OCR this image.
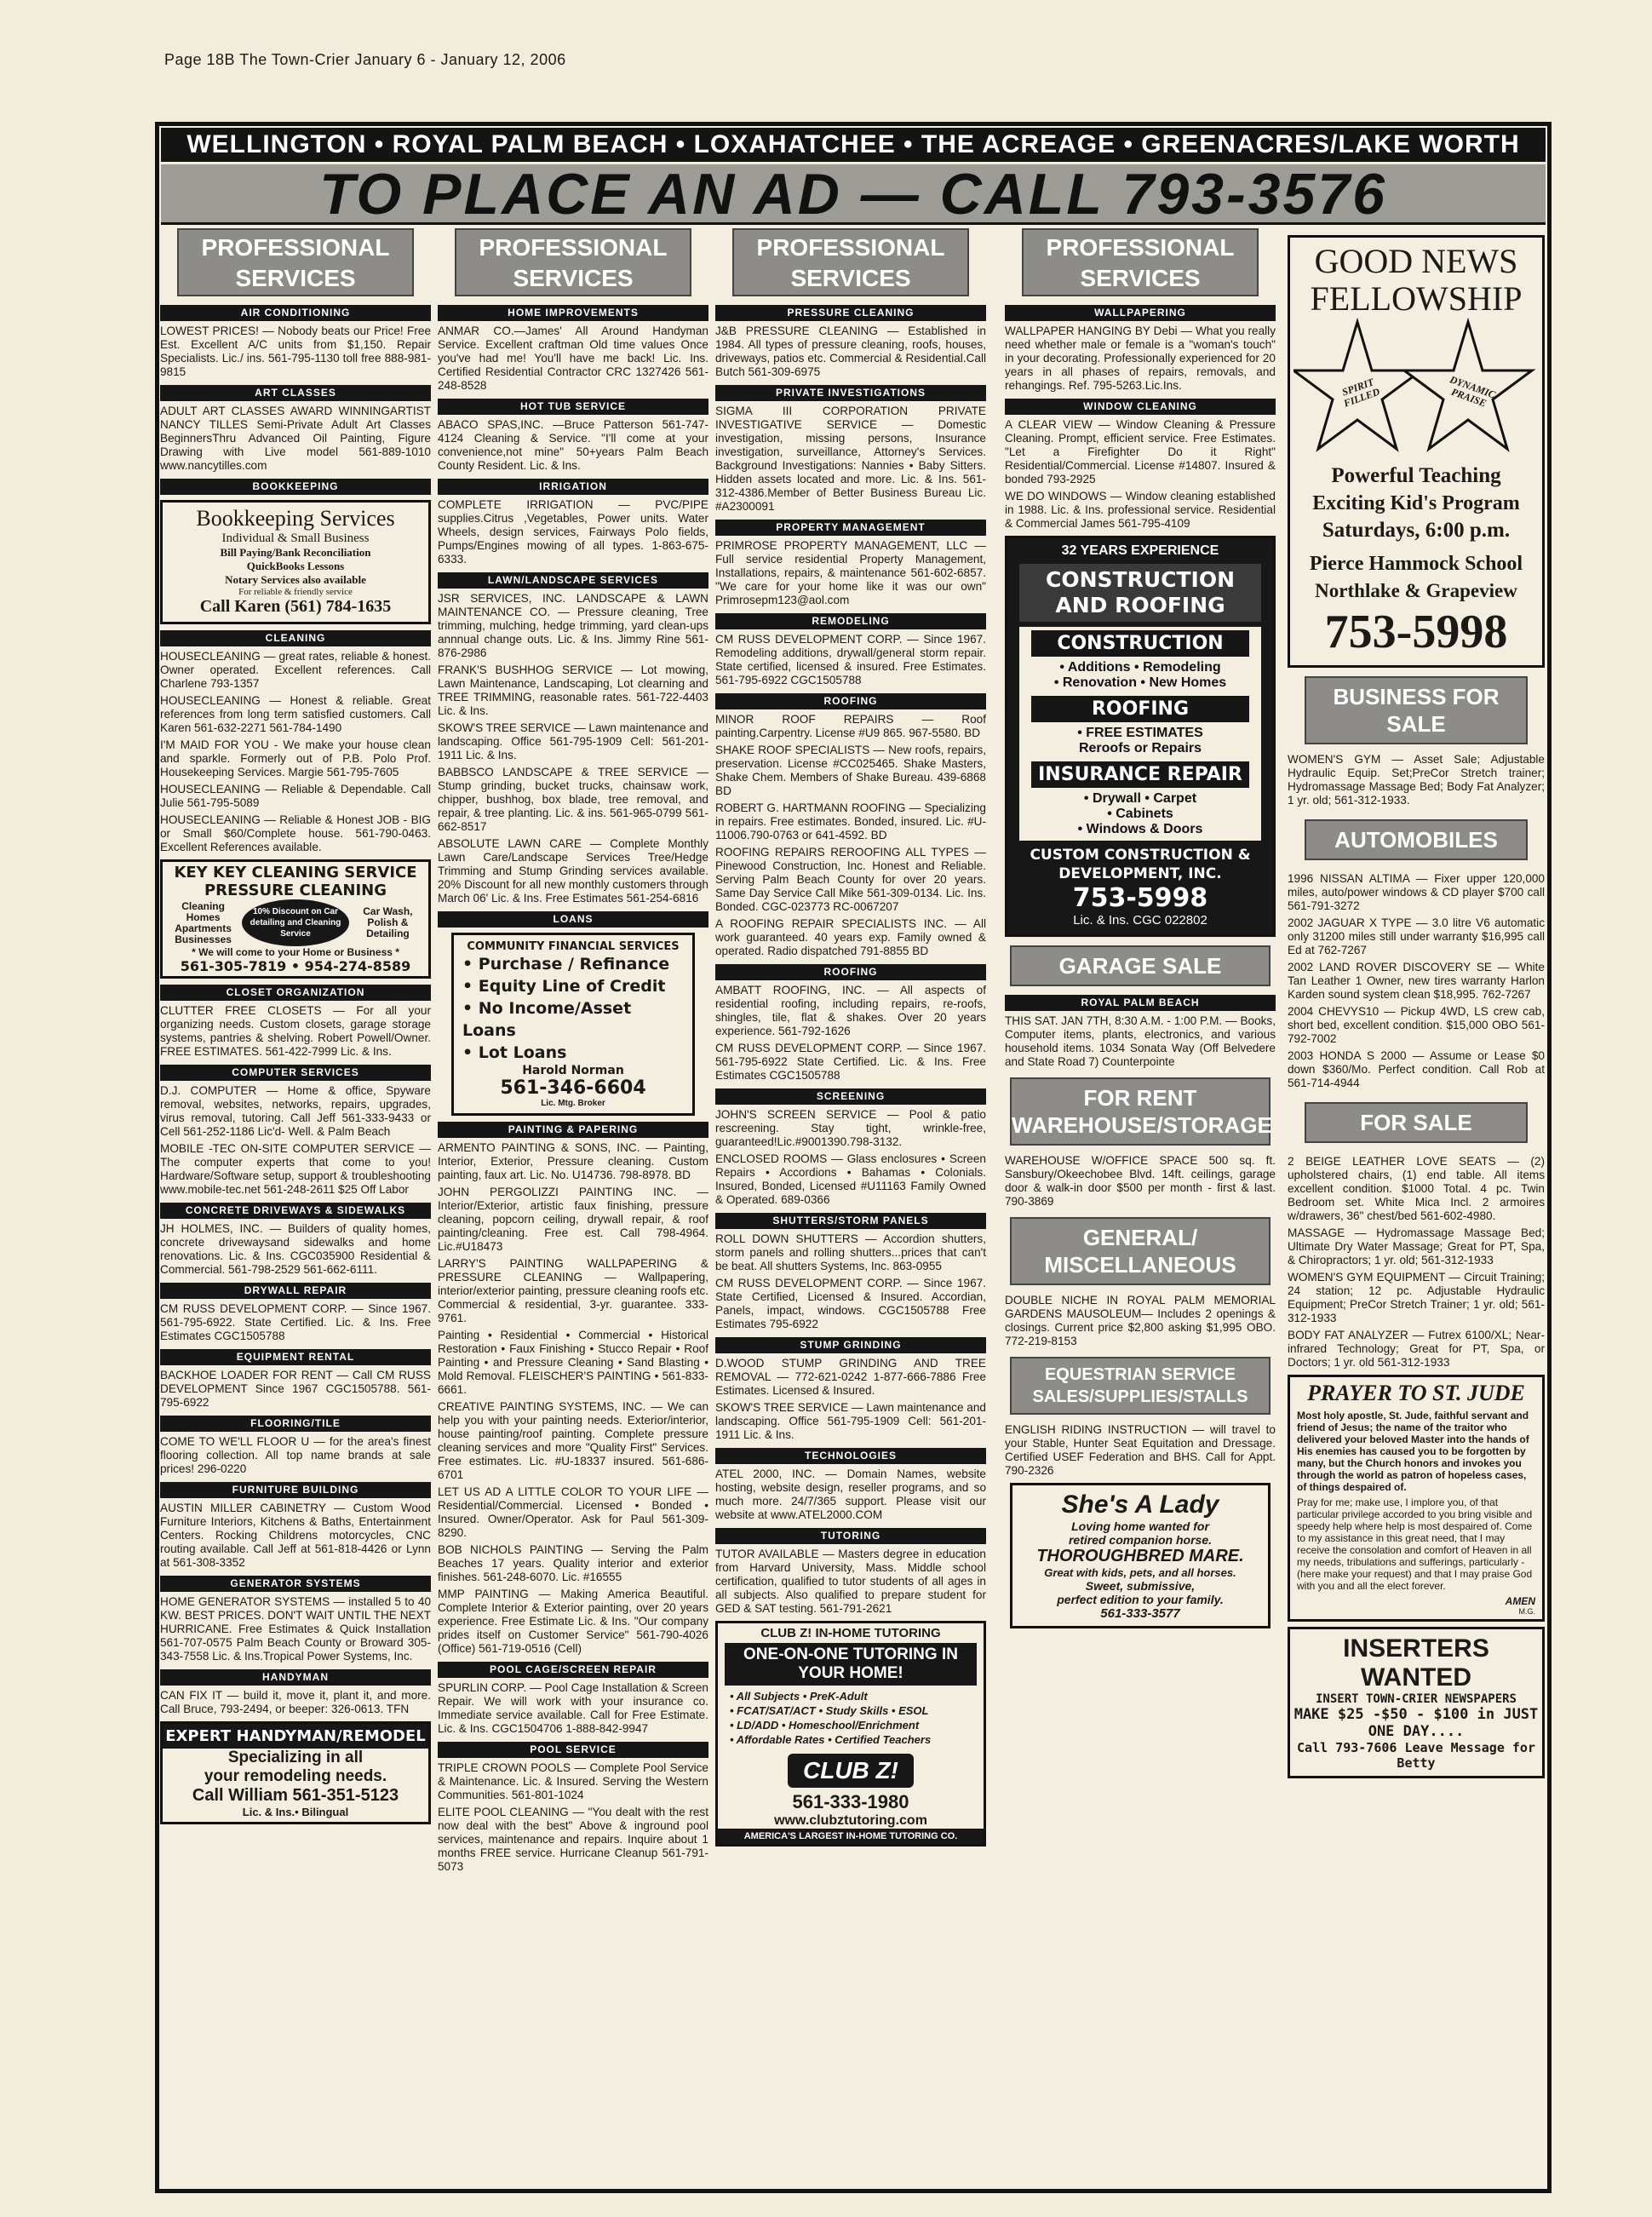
Page 18B The Town-Crier January 6 - January 12, 2006
WELLINGTON • ROYAL PALM BEACH • LOXAHATCHEE • THE ACREAGE • GREENACRES/LAKE WORTH
TO PLACE AN AD — CALL 793-3576
PROFESSIONAL SERVICES
AIR CONDITIONING

LOWEST PRICES! — Nobody beats our Price! Free Est. Excellent A/C units from $1,150. Repair Specialists. Lic./ ins. 561-795-1130 toll free 888-981-9815

ART CLASSES

ADULT ART CLASSES AWARD WINNINGARTIST NANCY TILLES Semi-Private Adult Art Classes BeginnersThru Advanced Oil Painting, Figure Drawing with Live model 561-889-1010 www.nancytilles.com

BOOKKEEPING
Bookkeeping Services
Individual & Small Business
Bill Paying/Bank Reconciliation
QuickBooks Lessons
Notary Services also available
For reliable & friendly service
Call Karen (561) 784-1635
CLEANING

HOUSECLEANING — great rates, reliable & honest. Owner operated. Excellent references. Call Charlene 793-1357

HOUSECLEANING — Honest & reliable. Great references from long term satisfied customers. Call Karen 561-632-2271 561-784-1490

I'M MAID FOR YOU - We make your house clean and sparkle. Formerly out of P.B. Polo Prof. Housekeeping Services. Margie 561-795-7605

HOUSECLEANING — Reliable & Dependable. Call Julie 561-795-5089

HOUSECLEANING — Reliable & Honest JOB - BIG or Small $60/Complete house. 561-790-0463. Excellent References available.

KEY KEY CLEANING SERVICE
PRESSURE CLEANING
Cleaning Homes Apartments Businesses
10% Discount on Car detailing and Cleaning Service
Car Wash, Polish & Detailing
* We will come to your Home or Business *
561-305-7819 • 954-274-8589
CLOSET ORGANIZATION

CLUTTER FREE CLOSETS — For all your organizing needs. Custom closets, garage storage systems, pantries & shelving. Robert Powell/Owner. FREE ESTIMATES. 561-422-7999 Lic. & Ins.

COMPUTER SERVICES

D.J. COMPUTER — Home & office, Spyware removal, websites, networks, repairs, upgrades, virus removal, tutoring. Call Jeff 561-333-9433 or Cell 561-252-1186 Lic'd- Well. & Palm Beach

MOBILE -TEC ON-SITE COMPUTER SERVICE — The computer experts that come to you! Hardware/Software setup, support & troubleshooting www.mobile-tec.net 561-248-2611 $25 Off Labor

CONCRETE DRIVEWAYS & SIDEWALKS

JH HOLMES, INC. — Builders of quality homes, concrete drivewaysand sidewalks and home renovations. Lic. & Ins. CGC035900 Residential & Commercial. 561-798-2529 561-662-6111.

DRYWALL REPAIR

CM RUSS DEVELOPMENT CORP. — Since 1967. 561-795-6922. State Certified. Lic. & Ins. Free Estimates CGC1505788

EQUIPMENT RENTAL

BACKHOE LOADER FOR RENT — Call CM RUSS DEVELOPMENT Since 1967 CGC1505788. 561-795-6922

FLOORING/TILE

COME TO WE'LL FLOOR U — for the area's finest flooring collection. All top name brands at sale prices! 296-0220

FURNITURE BUILDING

AUSTIN MILLER CABINETRY — Custom Wood Furniture Interiors, Kitchens & Baths, Entertainment Centers. Rocking Childrens motorcycles, CNC routing available. Call Jeff at 561-818-4426 or Lynn at 561-308-3352

GENERATOR SYSTEMS

HOME GENERATOR SYSTEMS — installed 5 to 40 KW. BEST PRICES. DON'T WAIT UNTIL THE NEXT HURRICANE. Free Estimates & Quick Installation 561-707-0575 Palm Beach County or Broward 305-343-7558 Lic. & Ins.Tropical Power Systems, Inc.

HANDYMAN

CAN FIX IT — build it, move it, plant it, and more. Call Bruce, 793-2494, or beeper: 326-0613. TFN

EXPERT HANDYMAN/REMODEL
Specializing in all
your remodeling needs.
Call William 561-351-5123
Lic. & Ins.• Bilingual
PROFESSIONAL SERVICES
HOME IMPROVEMENTS

ANMAR CO.—James' All Around Handyman Service. Excellent craftman Old time values Once you've had me! You'll have me back! Lic. Ins. Certified Residential Contractor CRC 1327426 561-248-8528

HOT TUB SERVICE

ABACO SPAS,INC. —Bruce Patterson 561-747-4124 Cleaning & Service. "I'll come at your convenience,not mine" 50+years Palm Beach County Resident. Lic. & Ins.

IRRIGATION

COMPLETE IRRIGATION — PVC/PIPE supplies.Citrus ,Vegetables, Power units. Water Wheels, design services, Fairways Polo fields, Pumps/Engines mowing of all types. 1-863-675-6333.

LAWN/LANDSCAPE SERVICES

JSR SERVICES, INC. LANDSCAPE & LAWN MAINTENANCE CO. — Pressure cleaning, Tree trimming, mulching, hedge trimming, yard clean-ups annnual change outs. Lic. & Ins. Jimmy Rine 561-876-2986

FRANK'S BUSHHOG SERVICE — Lot mowing, Lawn Maintenance, Landscaping, Lot clearning and TREE TRIMMING, reasonable rates. 561-722-4403 Lic. & Ins.

SKOW'S TREE SERVICE — Lawn maintenance and landscaping. Office 561-795-1909 Cell: 561-201-1911 Lic. & Ins.

BABBSCO LANDSCAPE & TREE SERVICE — Stump grinding, bucket trucks, chainsaw work, chipper, bushhog, box blade, tree removal, and repair, & tree planting. Lic. & ins. 561-965-0799 561-662-8517

ABSOLUTE LAWN CARE — Complete Monthly Lawn Care/Landscape Services Tree/Hedge Trimming and Stump Grinding services available. 20% Discount for all new monthly customers through March 06' Lic. & Ins. Free Estimates 561-254-6816

LOANS
COMMUNITY FINANCIAL SERVICES
• Purchase / Refinance
• Equity Line of Credit
• No Income/Asset Loans
• Lot Loans
Harold Norman
561-346-6604
Lic. Mtg. Broker
PAINTING & PAPERING

ARMENTO PAINTING & SONS, INC. — Painting, Interior, Exterior, Pressure cleaning. Custom painting, faux art. Lic. No. U14736. 798-8978. BD

JOHN PERGOLIZZI PAINTING INC. — Interior/Exterior, artistic faux finishing, pressure cleaning, popcorn ceiling, drywall repair, & roof painting/cleaning. Free est. Call 798-4964. Lic.#U18473

LARRY'S PAINTING WALLPAPERING & PRESSURE CLEANING — Wallpapering, interior/exterior painting, pressure cleaning roofs etc. Commercial & residential, 3-yr. guarantee. 333-9761.

Painting • Residential • Commercial • Historical Restoration • Faux Finishing • Stucco Repair • Roof Painting • and Pressure Cleaning • Sand Blasting • Mold Removal. FLEISCHER'S PAINTING • 561-833-6661.

CREATIVE PAINTING SYSTEMS, INC. — We can help you with your painting needs. Exterior/interior, house painting/roof painting. Complete pressure cleaning services and more "Quality First" Services. Free estimates. Lic. #U-18337 insured. 561-686-6701

LET US AD A LITTLE COLOR TO YOUR LIFE — Residential/Commercial. Licensed • Bonded • Insured. Owner/Operator. Ask for Paul 561-309-8290.

BOB NICHOLS PAINTING — Serving the Palm Beaches 17 years. Quality interior and exterior finishes. 561-248-6070. Lic. #16555

MMP PAINTING — Making America Beautiful. Complete Interior & Exterior painting, over 20 years experience. Free Estimate Lic. & Ins. "Our company prides itself on Customer Service" 561-790-4026 (Office) 561-719-0516 (Cell)

POOL CAGE/SCREEN REPAIR

SPURLIN CORP. — Pool Cage Installation & Screen Repair. We will work with your insurance co. Immediate service available. Call for Free Estimate. Lic. & Ins. CGC1504706 1-888-842-9947

POOL SERVICE

TRIPLE CROWN POOLS — Complete Pool Service & Maintenance. Lic. & Insured. Serving the Western Communities. 561-801-1024

ELITE POOL CLEANING — "You dealt with the rest now deal with the best" Above & inground pool services, maintenance and repairs. Inquire about 1 months FREE service. Hurricane Cleanup 561-791-5073

PROFESSIONAL SERVICES
PRESSURE CLEANING

J&B PRESSURE CLEANING — Established in 1984. All types of pressure cleaning, roofs, houses, driveways, patios etc. Commercial & Residential.Call Butch 561-309-6975

PRIVATE INVESTIGATIONS

SIGMA III CORPORATION PRIVATE INVESTIGATIVE SERVICE — Domestic investigation, missing persons, Insurance investigation, surveillance, Attorney's Services. Background Investigations: Nannies • Baby Sitters. Hidden assets located and more. Lic. & Ins. 561-312-4386.Member of Better Business Bureau Lic. #A2300091

PROPERTY MANAGEMENT

PRIMROSE PROPERTY MANAGEMENT, LLC — Full service residential Property Management, Installations, repairs, & maintenance 561-602-6857. "We care for your home like it was our own" Primrosepm123@aol.com

REMODELING

CM RUSS DEVELOPMENT CORP. — Since 1967. Remodeling additions, drywall/general storm repair. State certified, licensed & insured. Free Estimates. 561-795-6922 CGC1505788

ROOFING

MINOR ROOF REPAIRS — Roof painting.Carpentry. License #U9 865. 967-5580. BD

SHAKE ROOF SPECIALISTS — New roofs, repairs, preservation. License #CC025465. Shake Masters, Shake Chem. Members of Shake Bureau. 439-6868 BD

ROBERT G. HARTMANN ROOFING — Specializing in repairs. Free estimates. Bonded, insured. Lic. #U-11006.790-0763 or 641-4592. BD

ROOFING REPAIRS REROOFING ALL TYPES — Pinewood Construction, Inc. Honest and Reliable. Serving Palm Beach County for over 20 years. Same Day Service Call Mike 561-309-0134. Lic. Ins. Bonded. CGC-023773 RC-0067207

A ROOFING REPAIR SPECIALISTS INC. — All work guaranteed. 40 years exp. Family owned & operated. Radio dispatched 791-8855 BD

ROOFING

AMBATT ROOFING, INC. — All aspects of residential roofing, including repairs, re-roofs, shingles, tile, flat & shakes. Over 20 years experience. 561-792-1626

CM RUSS DEVELOPMENT CORP. — Since 1967. 561-795-6922 State Certified. Lic. & Ins. Free Estimates CGC1505788

SCREENING

JOHN'S SCREEN SERVICE — Pool & patio rescreening. Stay tight, wrinkle-free, guaranteed!Lic.#9001390.798-3132.

ENCLOSED ROOMS — Glass enclosures • Screen Repairs • Accordions • Bahamas • Colonials. Insured, Bonded, Licensed #U11163 Family Owned & Operated. 689-0366

SHUTTERS/STORM PANELS

ROLL DOWN SHUTTERS — Accordion shutters, storm panels and rolling shutters...prices that can't be beat. All shutters Systems, Inc. 863-0955

CM RUSS DEVELOPMENT CORP. — Since 1967. State Certified, Licensed & Insured. Accordian, Panels, impact, windows. CGC1505788 Free Estimates 795-6922

STUMP GRINDING

D.WOOD STUMP GRINDING AND TREE REMOVAL — 772-621-0242 1-877-666-7886 Free Estimates. Licensed & Insured.

SKOW'S TREE SERVICE — Lawn maintenance and landscaping. Office 561-795-1909 Cell: 561-201-1911 Lic. & Ins.

TECHNOLOGIES

ATEL 2000, INC. — Domain Names, website hosting, website design, reseller programs, and so much more. 24/7/365 support. Please visit our website at www.ATEL2000.COM

TUTORING

TUTOR AVAILABLE — Masters degree in education from Harvard University, Mass. Middle school certification, qualified to tutor students of all ages in all subjects. Also qualified to prepare student for GED & SAT testing. 561-791-2621

CLUB Z! IN-HOME TUTORING
ONE-ON-ONE TUTORING IN YOUR HOME!
• All Subjects • PreK-Adult
• FCAT/SAT/ACT • Study Skills • ESOL
• LD/ADD • Homeschool/Enrichment
• Affordable Rates • Certified Teachers
CLUB Z!
561-333-1980
www.clubztutoring.com
AMERICA'S LARGEST IN-HOME TUTORING CO.
PROFESSIONAL SERVICES
WALLPAPERING

WALLPAPER HANGING BY Debi — What you really need whether male or female is a "woman's touch" in your decorating. Professionally experienced for 20 years in all phases of repairs, removals, and rehangings. Ref. 795-5263.Lic.Ins.

WINDOW CLEANING

A CLEAR VIEW — Window Cleaning & Pressure Cleaning. Prompt, efficient service. Free Estimates. "Let a Firefighter Do it Right" Residential/Commercial. License #14807. Insured & bonded 793-2925

WE DO WINDOWS — Window cleaning established in 1988. Lic. & Ins. professional service. Residential & Commercial James 561-795-4109

32 YEARS EXPERIENCE
CONSTRUCTION AND ROOFING
CONSTRUCTION
• Additions • Remodeling
• Renovation • New Homes
ROOFING
• FREE ESTIMATES
Reroofs or Repairs
INSURANCE REPAIR
• Drywall • Carpet
• Cabinets
• Windows & Doors
CUSTOM CONSTRUCTION & DEVELOPMENT, INC.
753-5998
Lic. & Ins. CGC 022802
GARAGE SALE
ROYAL PALM BEACH

THIS SAT. JAN 7TH, 8:30 A.M. - 1:00 P.M. — Books, Computer items, plants, electronics, and various household items. 1034 Sonata Way (Off Belvedere and State Road 7) Counterpointe

FOR RENT WAREHOUSE/STORAGE

WAREHOUSE W/OFFICE SPACE 500 sq. ft. Sansbury/Okeechobee Blvd. 14ft. ceilings, garage door & walk-in door $500 per month - first & last. 790-3869

GENERAL/ MISCELLANEOUS

DOUBLE NICHE IN ROYAL PALM MEMORIAL GARDENS MAUSOLEUM— Includes 2 openings & closings. Current price $2,800 asking $1,995 OBO. 772-219-8153

EQUESTRIAN SERVICE SALES/SUPPLIES/STALLS

ENGLISH RIDING INSTRUCTION — will travel to your Stable, Hunter Seat Equitation and Dressage. Certified USEF Federation and BHS. Call for Appt. 790-2326

She's A Lady
Loving home wanted for
retired companion horse.
THOROUGHBRED MARE.
Great with kids, pets, and all horses.
Sweet, submissive,
perfect edition to your family.
561-333-3577
GOOD NEWS
FELLOWSHIP
SPIRIT FILLED	DYNAMIC PRAISE
Powerful Teaching
Exciting Kid's Program
Saturdays, 6:00 p.m.
Pierce Hammock School
Northlake & Grapeview
753-5998
BUSINESS FOR SALE

WOMEN'S GYM — Asset Sale; Adjustable Hydraulic Equip. Set;PreCor Stretch trainer; Hydromassage Massage Bed; Body Fat Analyzer; 1 yr. old; 561-312-1933.

AUTOMOBILES

1996 NISSAN ALTIMA — Fixer upper 120,000 miles, auto/power windows & CD player $700 call 561-791-3272

2002 JAGUAR X TYPE — 3.0 litre V6 automatic only 31200 miles still under warranty $16,995 call Ed at 762-7267

2002 LAND ROVER DISCOVERY SE — White Tan Leather 1 Owner, new tires warranty Harlon Karden sound system clean $18,995. 762-7267

2004 CHEVYS10 — Pickup 4WD, LS crew cab, short bed, excellent condition. $15,000 OBO 561-792-7002

2003 HONDA S 2000 — Assume or Lease $0 down $360/Mo. Perfect condition. Call Rob at 561-714-4944

FOR SALE

2 BEIGE LEATHER LOVE SEATS — (2) upholstered chairs, (1) end table. All items excellent condition. $1000 Total. 4 pc. Twin Bedroom set. White Mica Incl. 2 armoires w/drawers, 36" chest/bed 561-602-4980.

MASSAGE — Hydromassage Massage Bed; Ultimate Dry Water Massage; Great for PT, Spa, & Chiropractors; 1 yr. old; 561-312-1933

WOMEN'S GYM EQUIPMENT — Circuit Training; 24 station; 12 pc. Adjustable Hydraulic Equipment; PreCor Stretch Trainer; 1 yr. old; 561-312-1933

BODY FAT ANALYZER — Futrex 6100/XL; Near-infrared Technology; Great for PT, Spa, or Doctors; 1 yr. old 561-312-1933

PRAYER TO ST. JUDE

Most holy apostle, St. Jude, faithful servant and friend of Jesus; the name of the traitor who delivered your beloved Master into the hands of His enemies has caused you to be forgotten by many, but the Church honors and invokes you through the world as patron of hopeless cases, of things despaired of.

Pray for me; make use, I implore you, of that particular privilege accorded to you bring visible and speedy help where help is most despaired of. Come to my assistance in this great need, that I may receive the consolation and comfort of Heaven in all my needs, tribulations and sufferings, particularly - (here make your request) and that I may praise God with you and all the elect forever.

AMEN
M.G.
INSERTERS
WANTED
INSERT TOWN-CRIER NEWSPAPERS
MAKE $25 -$50 - $100 in JUST ONE DAY....
Call 793-7606 Leave Message for Betty
